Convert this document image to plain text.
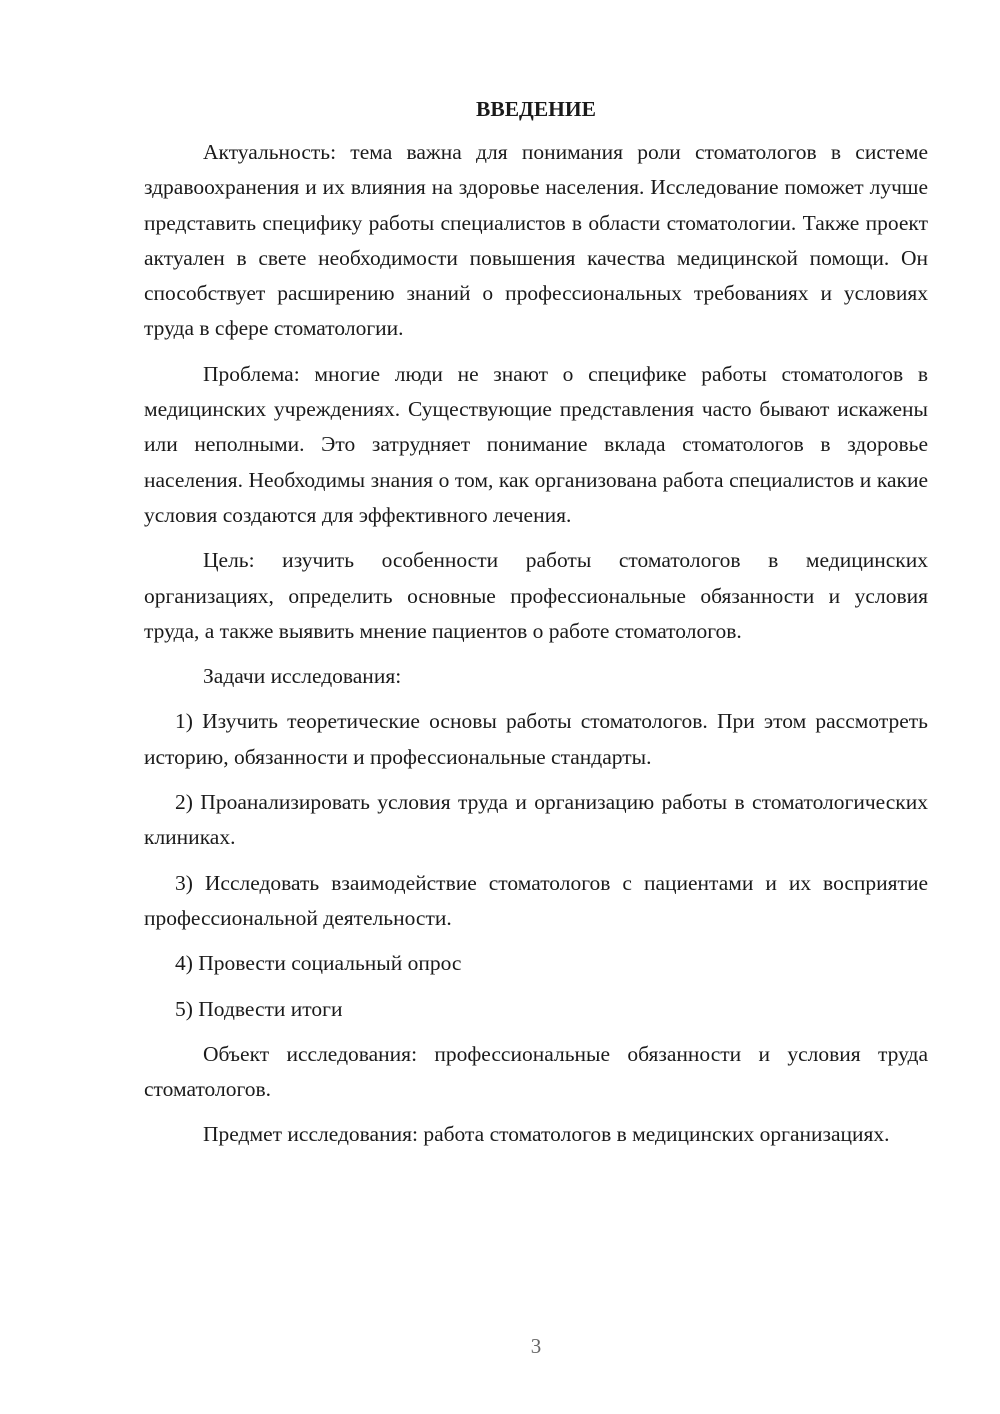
ВВЕДЕНИЕ

Актуальность: тема важна для понимания роли стоматологов в системе здравоохранения и их влияния на здоровье населения. Исследование поможет лучше представить специфику работы специалистов в области стоматологии. Также проект актуален в свете необходимости повышения качества медицинской помощи. Он способствует расширению знаний о профессиональных требованиях и условиях труда в сфере стоматологии.

Проблема: многие люди не знают о специфике работы стоматологов в медицинских учреждениях. Существующие представления часто бывают искажены или неполными. Это затрудняет понимание вклада стоматологов в здоровье населения. Необходимы знания о том, как организована работа специалистов и какие условия создаются для эффективного лечения.

Цель: изучить особенности работы стоматологов в медицинских организациях, определить основные профессиональные обязанности и условия труда, а также выявить мнение пациентов о работе стоматологов.

Задачи исследования:

1) Изучить теоретические основы работы стоматологов. При этом рассмотреть историю, обязанности и профессиональные стандарты.

2) Проанализировать условия труда и организацию работы в стоматологических клиниках.

3) Исследовать взаимодействие стоматологов с пациентами и их восприятие профессиональной деятельности.

4) Провести социальный опрос

5) Подвести итоги

Объект исследования: профессиональные обязанности и условия труда стоматологов.

Предмет исследования: работа стоматологов в медицинских организациях.

3
